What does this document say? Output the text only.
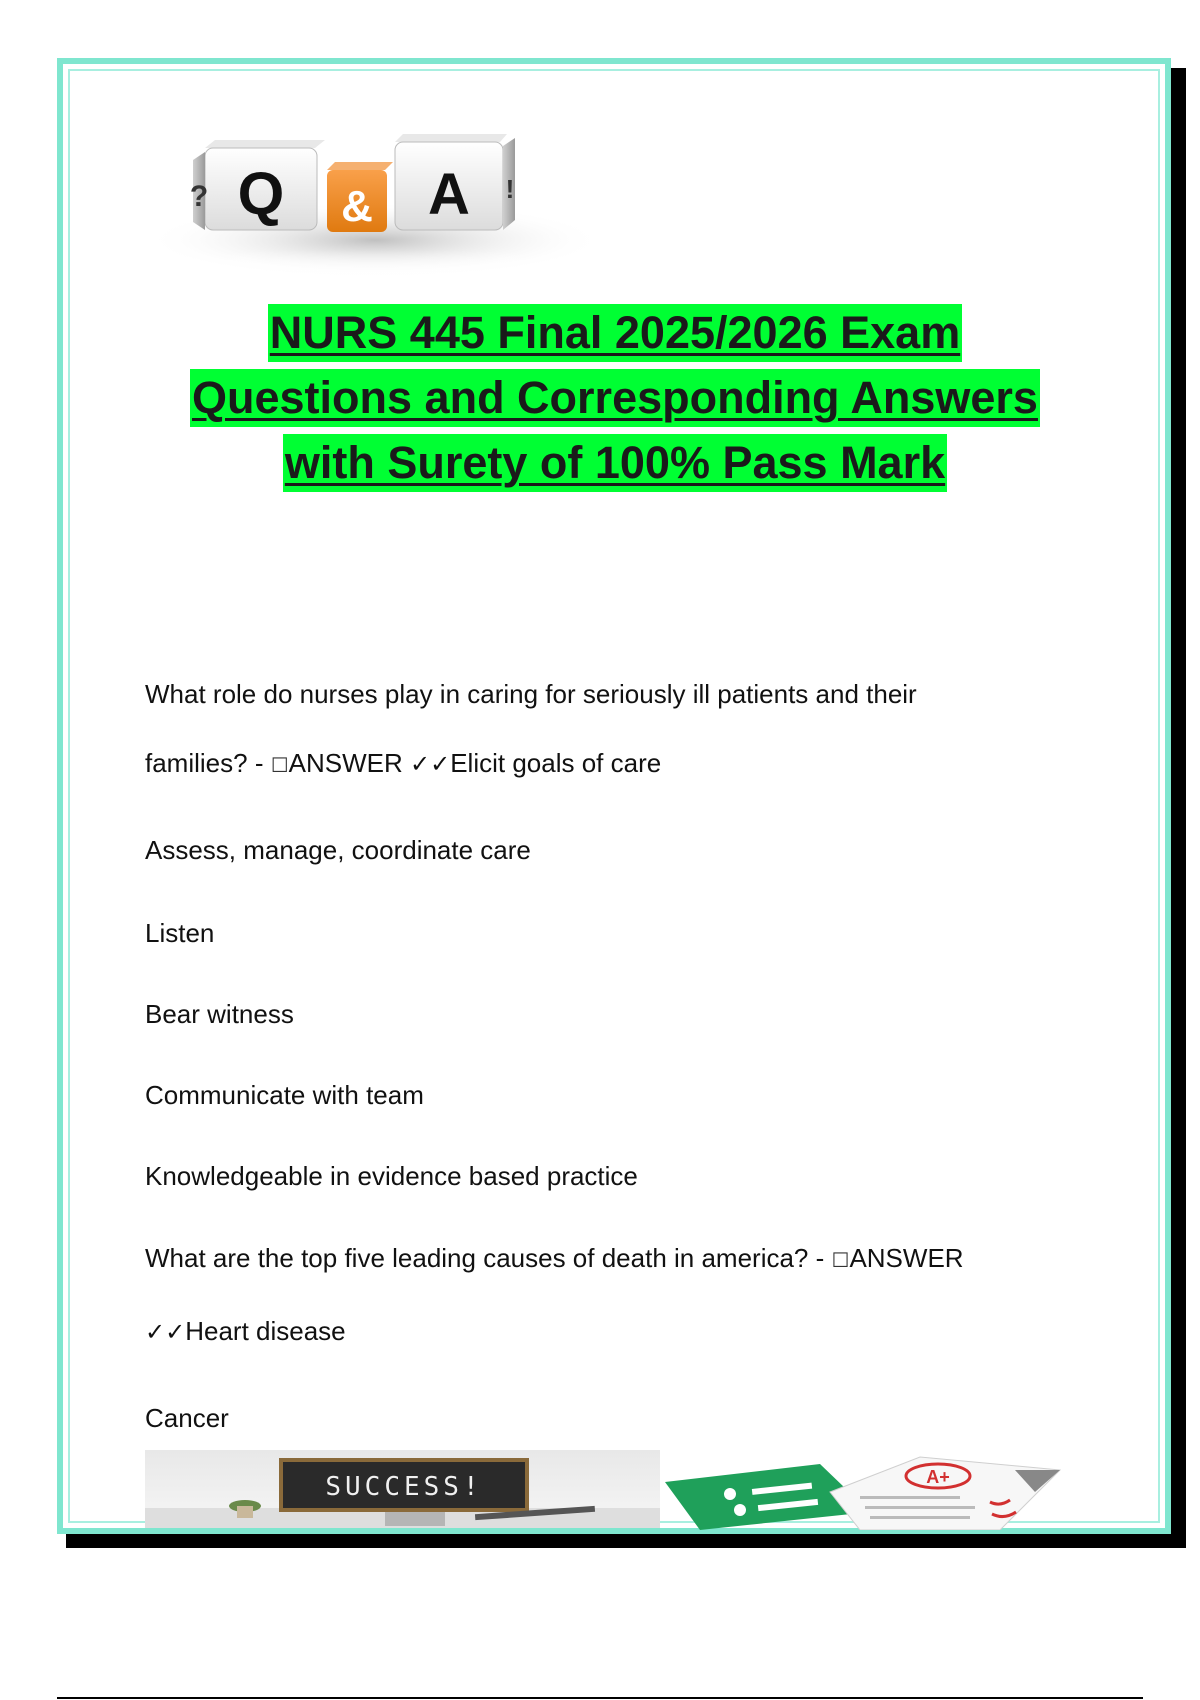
Q
?	& A !
NURS 445 Final 2025/2026 Exam
Questions and Corresponding Answers
with Surety of 100% Pass Mark
What role do nurses play in caring for seriously ill patients and their
families? - ☐ANSWER ✓✓Elicit goals of care
Assess, manage, coordinate care
Listen
Bear witness
Communicate with team
Knowledgeable in evidence based practice
What are the top five leading causes of death in america? - ☐ANSWER
✓✓Heart disease
Cancer
SUCCESS!	A+
